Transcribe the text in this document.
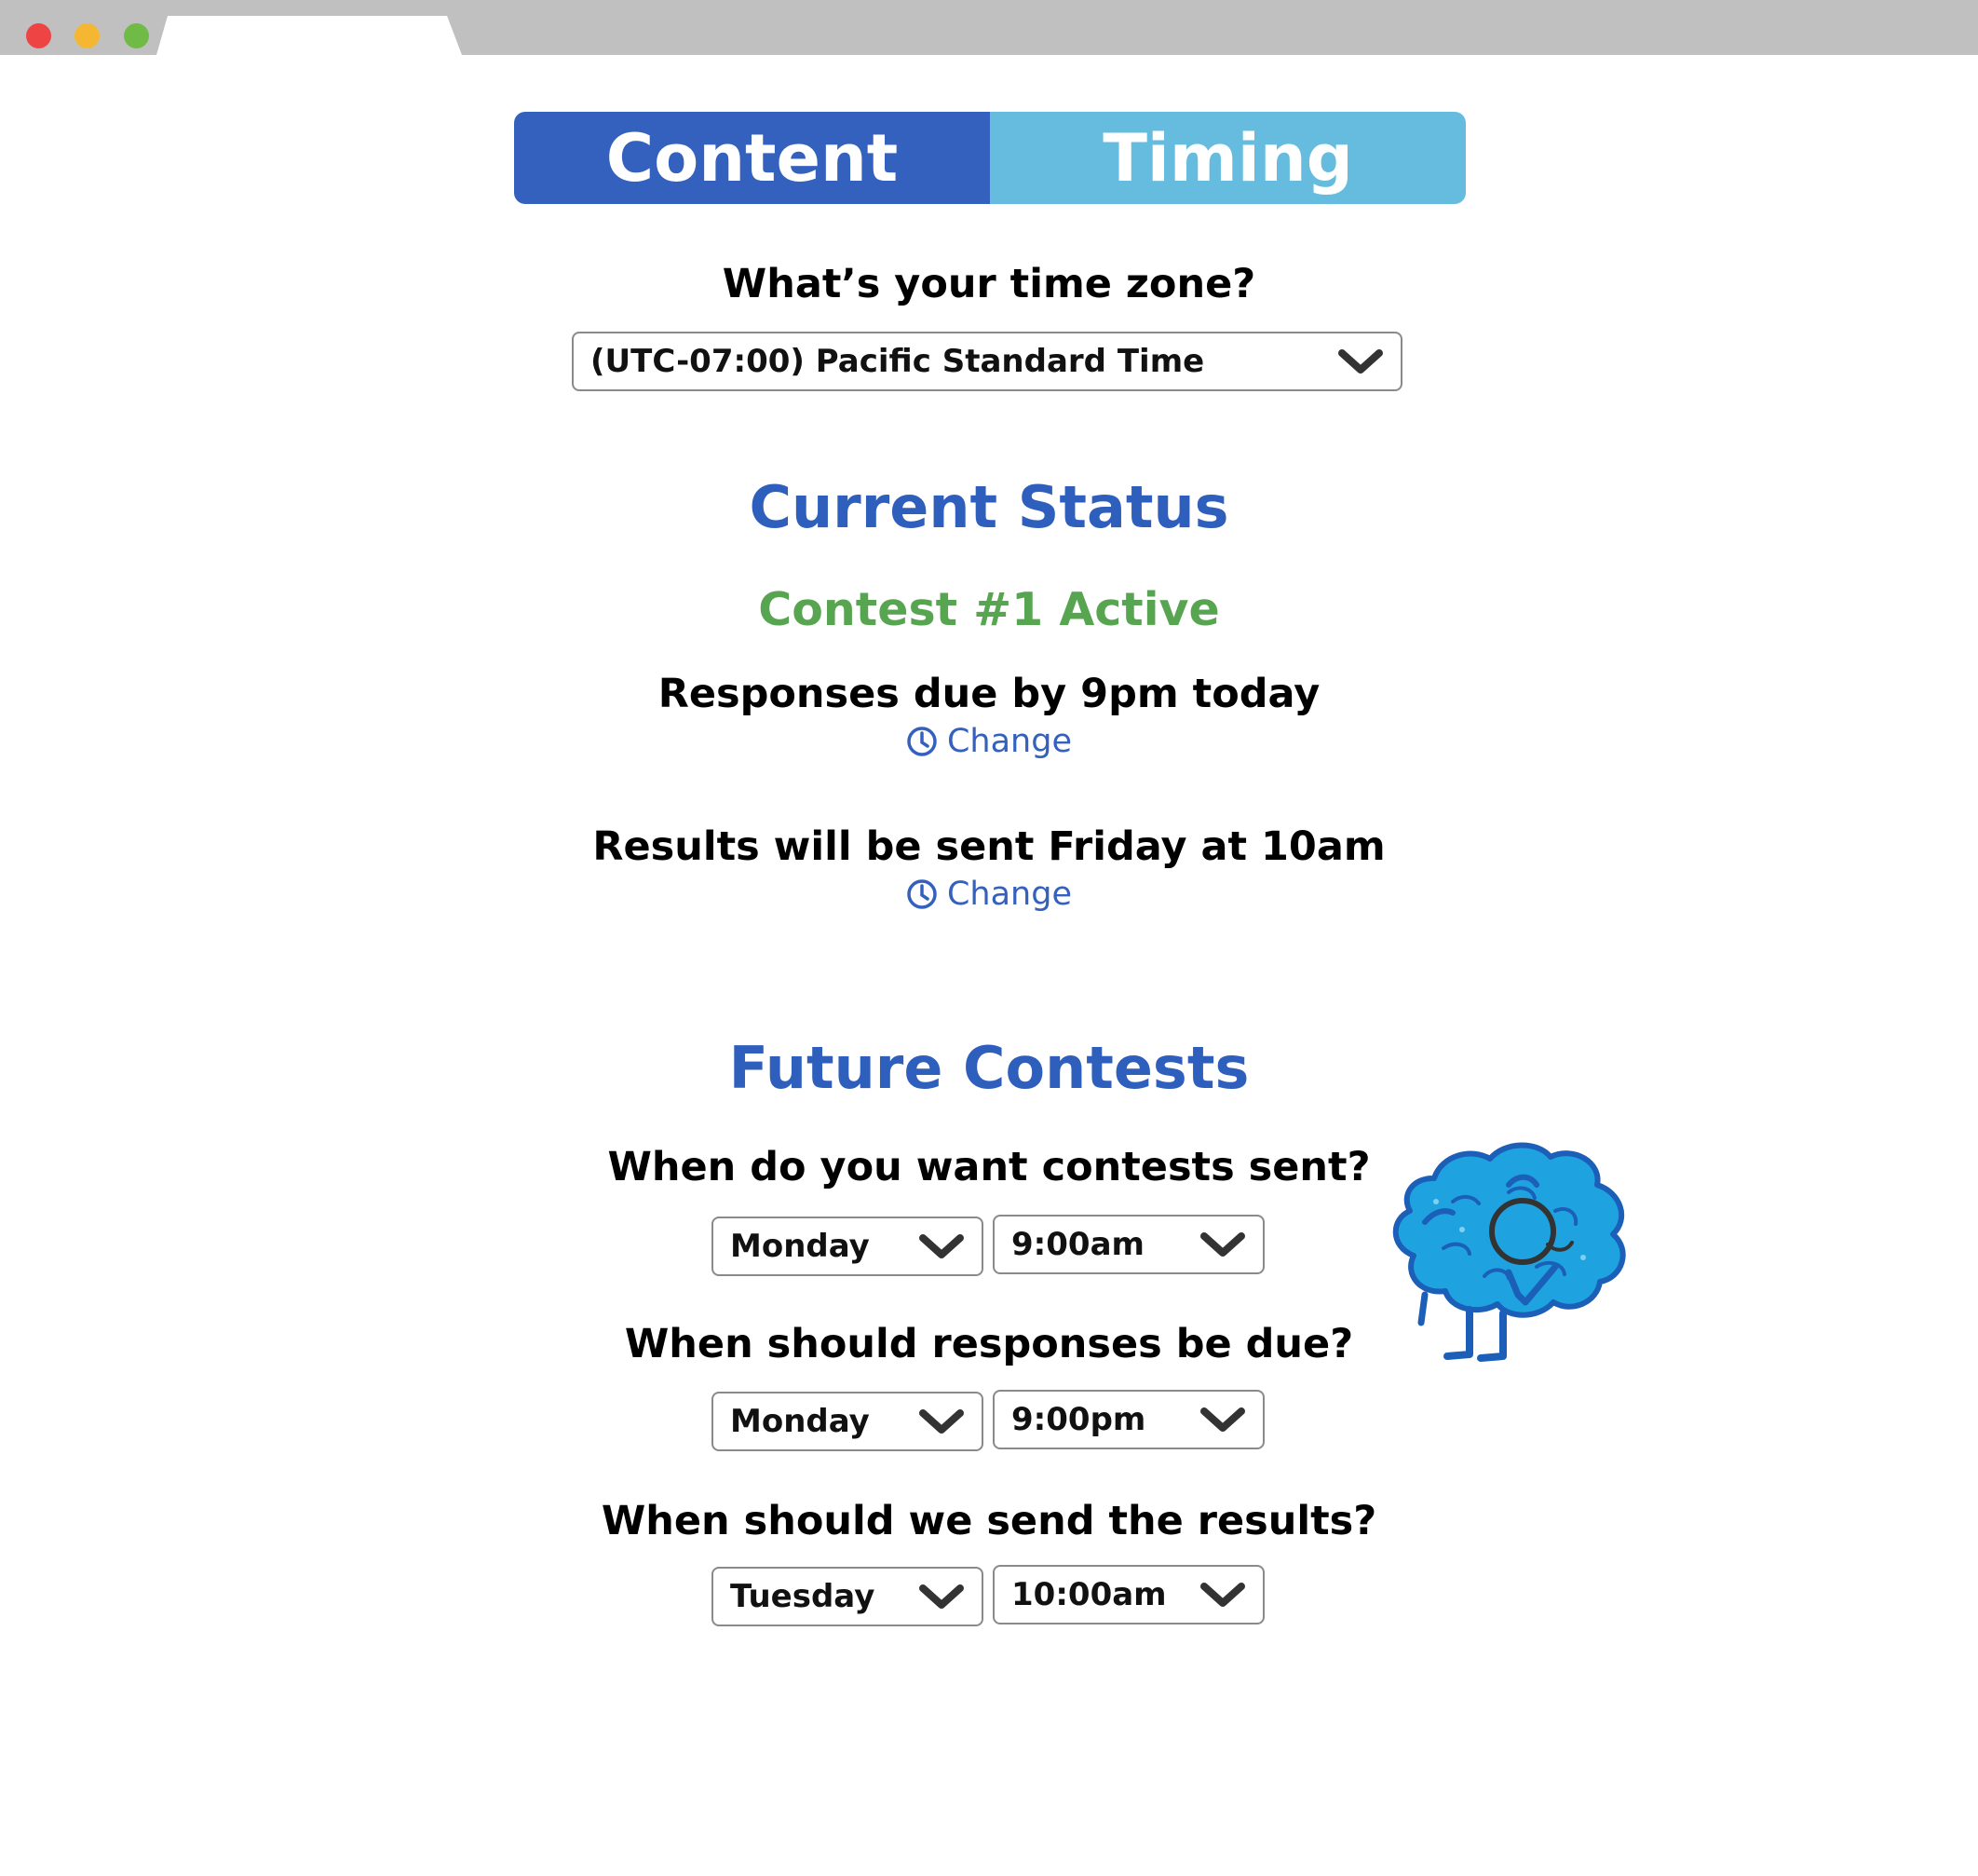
Content	Timing
What’s your time zone?
(UTC-07:00) Pacific Standard Time
Current Status
Contest #1 Active
Responses due by 9pm today
Change
Results will be sent Friday at 10am
Change
Future Contests
When do you want contests sent?
Monday	9:00am
When should responses be due?
Monday	9:00pm
When should we send the results?
Tuesday	10:00am
